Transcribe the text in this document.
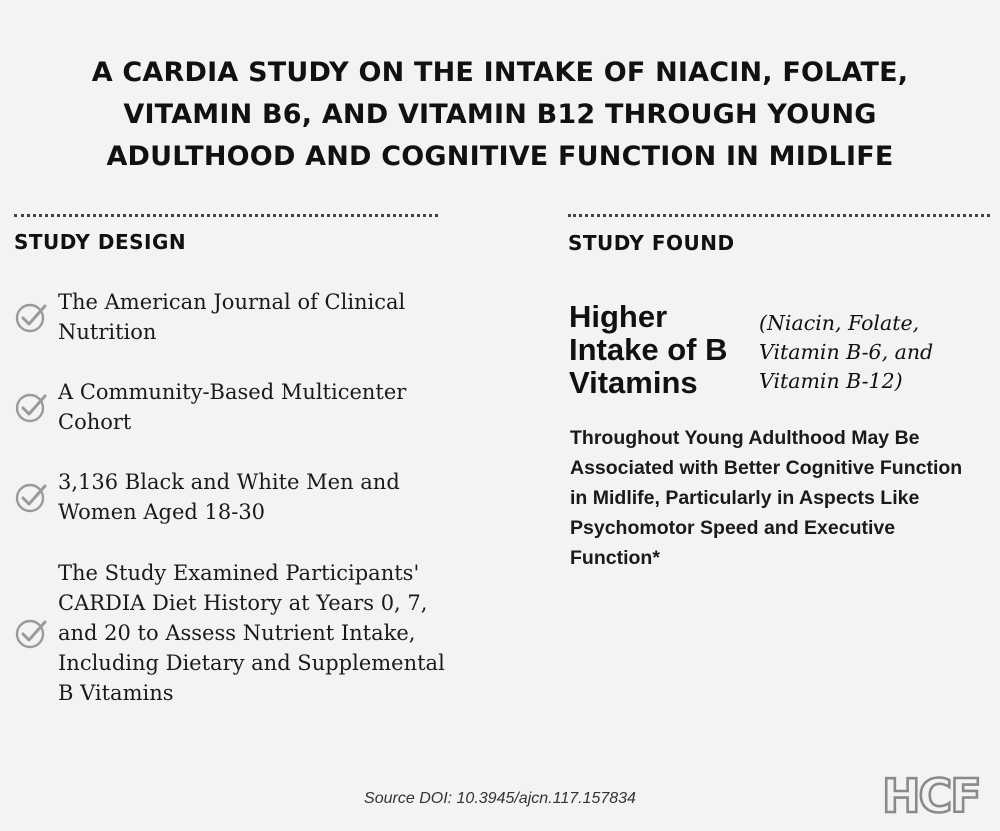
A CARDIA STUDY ON THE INTAKE OF NIACIN, FOLATE, VITAMIN B6, AND VITAMIN B12 THROUGH YOUNG ADULTHOOD AND COGNITIVE FUNCTION IN MIDLIFE
STUDY DESIGN	STUDY FOUND
The American Journal of Clinical Nutrition
A Community-Based Multicenter Cohort
3,136 Black and White Men and Women Aged 18-30
The Study Examined Participants' CARDIA Diet History at Years 0, 7, and 20 to Assess Nutrient Intake, Including Dietary and Supplemental B Vitamins
Higher Intake of B Vitamins
(Niacin, Folate, Vitamin B-6, and Vitamin B-12)
Throughout Young Adulthood May Be Associated with Better Cognitive Function in Midlife, Particularly in Aspects Like Psychomotor Speed and Executive Function*
Source DOI: 10.3945/ajcn.117.157834	HCF
